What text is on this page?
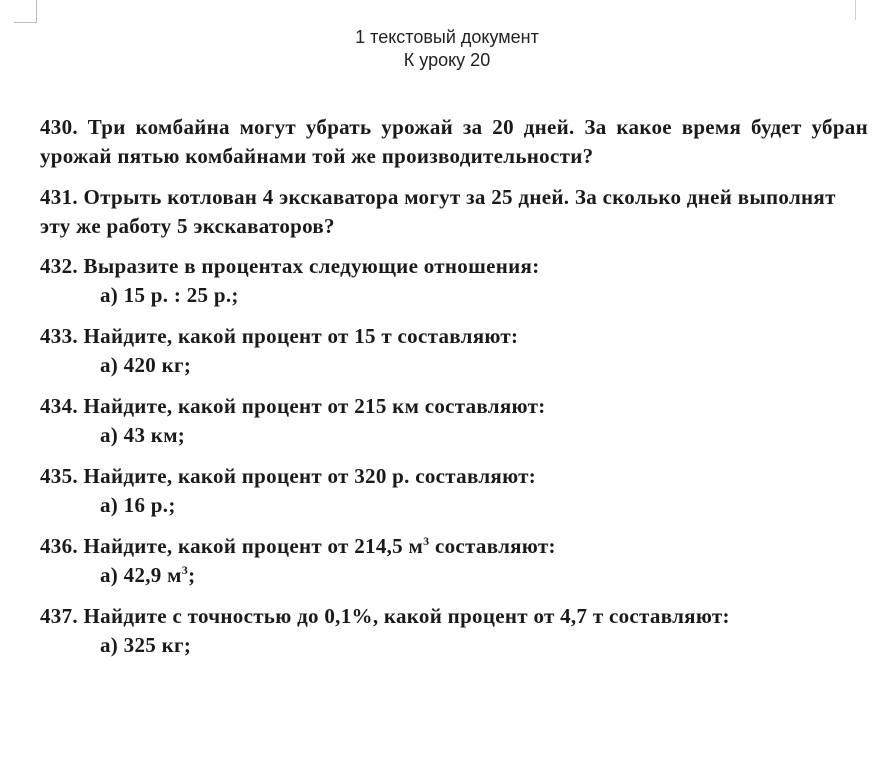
1 текстовый документ
К уроку 20
430. Три комбайна могут убрать урожай за 20 дней. За какое время будет убран урожай пятью комбайнами той же производительности?
431. Отрыть котлован 4 экскаватора могут за 25 дней. За сколько дней выполнят эту же работу 5 экскаваторов?
432. Выразите в процентах следующие отношения:
а) 15 р. : 25 р.;
433. Найдите, какой процент от 15 т составляют:
а) 420 кг;
434. Найдите, какой процент от 215 км составляют:
а) 43 км;
435. Найдите, какой процент от 320 р. составляют:
а) 16 р.;
436. Найдите, какой процент от 214,5 $м^3$ составляют:
а) 42,9 $м^3$;
437. Найдите с точностью до 0,1%, какой процент от 4,7 т составляют:
а) 325 кг;
